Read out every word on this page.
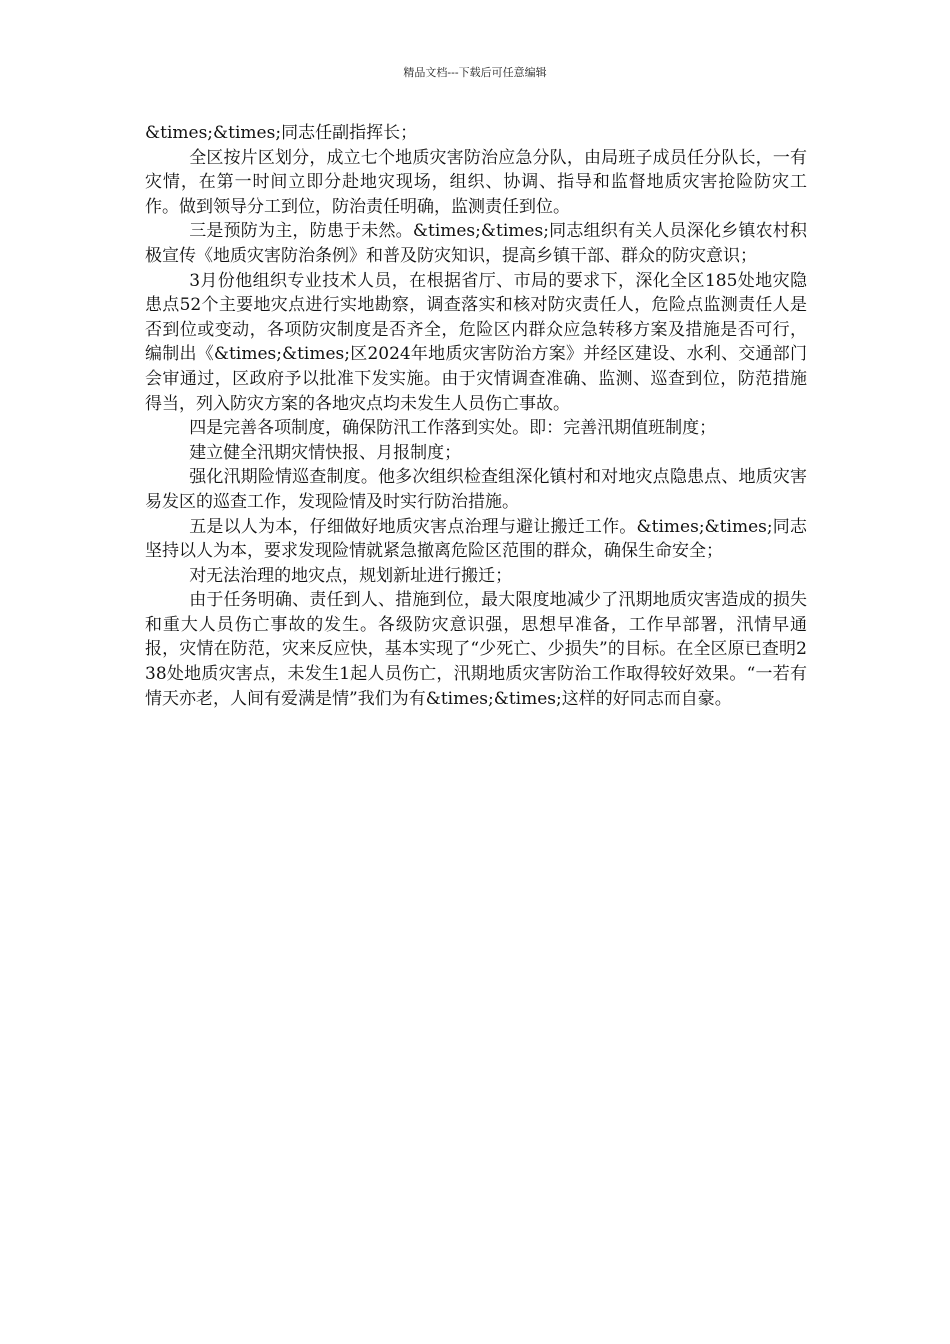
精品文档---下载后可任意编辑

&times;&times;同志任副指挥长；

全区按片区划分，成立七个地质灾害防治应急分队，由局班子成员任分队长，一有灾情，在第一时间立即分赴地灾现场，组织、协调、指导和监督地质灾害抢险防灾工作。做到领导分工到位，防治责任明确，监测责任到位。

三是预防为主，防患于未然。&times;&times;同志组织有关人员深化乡镇农村积极宣传《地质灾害防治条例》和普及防灾知识，提高乡镇干部、群众的防灾意识；

3月份他组织专业技术人员，在根据省厅、市局的要求下，深化全区185处地灾隐患点52个主要地灾点进行实地勘察，调查落实和核对防灾责任人，危险点监测责任人是否到位或变动，各项防灾制度是否齐全，危险区内群众应急转移方案及措施是否可行，编制出《&times;&times;区2024年地质灾害防治方案》并经区建设、水利、交通部门会审通过，区政府予以批准下发实施。由于灾情调查准确、监测、巡查到位，防范措施得当，列入防灾方案的各地灾点均未发生人员伤亡事故。

四是完善各项制度，确保防汛工作落到实处。即：完善汛期值班制度；

建立健全汛期灾情快报、月报制度；

强化汛期险情巡查制度。他多次组织检查组深化镇村和对地灾点隐患点、地质灾害易发区的巡查工作，发现险情及时实行防治措施。

五是以人为本，仔细做好地质灾害点治理与避让搬迁工作。&times;&times;同志坚持以人为本，要求发现险情就紧急撤离危险区范围的群众，确保生命安全；

对无法治理的地灾点，规划新址进行搬迁；

由于任务明确、责任到人、措施到位，最大限度地减少了汛期地质灾害造成的损失和重大人员伤亡事故的发生。各级防灾意识强，思想早准备，工作早部署，汛情早通报，灾情在防范，灾来反应快，基本实现了“少死亡、少损失”的目标。在全区原已查明238处地质灾害点，未发生1起人员伤亡，汛期地质灾害防治工作取得较好效果。“一若有情天亦老，人间有爱满是情”我们为有&times;&times;这样的好同志而自豪。
